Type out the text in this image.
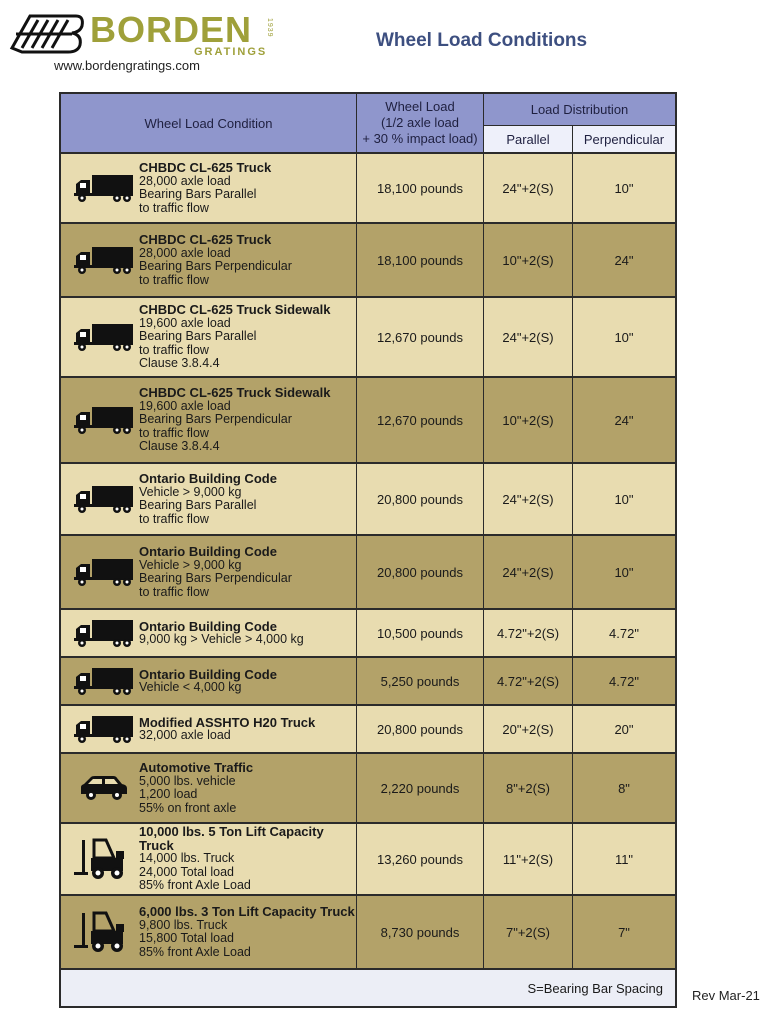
BORDEN
GRATINGS
1939
www.bordengratings.com
Wheel Load Conditions
Wheel Load Condition
Wheel Load
(1/2 axle load
+ 30 % impact load)
Load Distribution
Parallel	Perpendicular
CHBDC CL-625 Truck
28,000 axle load
Bearing Bars Parallel
to traffic flow
18,100 pounds	24"+2(S)	10"
CHBDC CL-625 Truck
28,000 axle load
Bearing Bars Perpendicular
to traffic flow
18,100 pounds	10"+2(S)	24"
CHBDC CL-625 Truck Sidewalk
19,600 axle load
Bearing Bars Parallel
to traffic flow
Clause 3.8.4.4
12,670 pounds	24"+2(S)	10"
CHBDC CL-625 Truck Sidewalk
19,600 axle load
Bearing Bars Perpendicular
to traffic flow
Clause 3.8.4.4
12,670 pounds	10"+2(S)	24"
Ontario Building Code
Vehicle > 9,000 kg
Bearing Bars Parallel
to traffic flow
20,800 pounds	24"+2(S)	10"
Ontario Building Code
Vehicle > 9,000 kg
Bearing Bars Perpendicular
to traffic flow
20,800 pounds	24"+2(S)	10"
Ontario Building Code
9,000 kg > Vehicle > 4,000 kg	10,500 pounds	4.72"+2(S)	4.72"
Ontario Building Code
Vehicle < 4,000 kg	5,250 pounds	4.72"+2(S)	4.72"
Modified ASSHTO H20 Truck
32,000 axle load	20,800 pounds	20"+2(S)	20"
Automotive Traffic
5,000 lbs. vehicle
1,200 load
55% on front axle
2,220 pounds	8"+2(S)	8"
10,000 lbs. 5 Ton Lift Capacity Truck
14,000 lbs. Truck
24,000 Total load
85% front Axle Load
13,260 pounds	11"+2(S)	11"
6,000 lbs. 3 Ton Lift Capacity Truck
9,800 lbs. Truck
15,800 Total load
85% front Axle Load
8,730 pounds	7"+2(S)	7"
S=Bearing Bar Spacing Rev Mar-21
